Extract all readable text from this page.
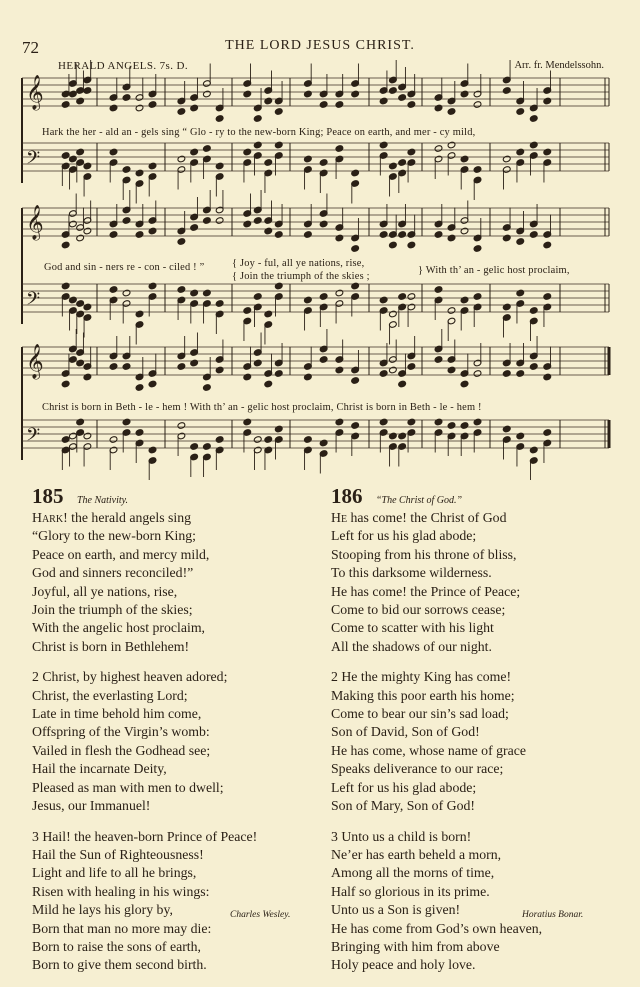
72	THE LORD JESUS CHRIST.
HERALD ANGELS. 7s. D.	Arr. fr. Mendelssohn.
𝄞
𝄢
𝄞
𝄢
𝄞
𝄢
Hark the her - ald an - gels sing “ Glo - ry to the new-born King; Peace on earth, and mer - cy mild,
God and sin - ners re - con - ciled ! ”	{ Joy - ful, all ye nations, rise,
{ Join the triumph of the skies ;
} With th’ an - gelic host proclaim,
Christ is born in Beth - le - hem ! With th’ an - gelic host proclaim, Christ is born in Beth - le - hem !
185 The Nativity.
Hark! the herald angels sing
“Glory to the new-born King;
Peace on earth, and mercy mild,
God and sinners reconciled!”
Joyful, all ye nations, rise,
Join the triumph of the skies;
With the angelic host proclaim,
Christ is born in Bethlehem!
2 Christ, by highest heaven adored;
Christ, the everlasting Lord;
Late in time behold him come,
Offspring of the Virgin’s womb:
Vailed in flesh the Godhead see;
Hail the incarnate Deity,
Pleased as man with men to dwell;
Jesus, our Immanuel!
3 Hail! the heaven-born Prince of Peace!
Hail the Sun of Righteousness!
Light and life to all he brings,
Risen with healing in his wings:
Mild he lays his glory by,
Born that man no more may die:
Born to raise the sons of earth,
Born to give them second birth.
186 “The Christ of God.”
He has come! the Christ of God
Left for us his glad abode;
Stooping from his throne of bliss,
To this darksome wilderness.
He has come! the Prince of Peace;
Come to bid our sorrows cease;
Come to scatter with his light
All the shadows of our night.
2 He the mighty King has come!
Making this poor earth his home;
Come to bear our sin’s sad load;
Son of David, Son of God!
He has come, whose name of grace
Speaks deliverance to our race;
Left for us his glad abode;
Son of Mary, Son of God!
3 Unto us a child is born!
Ne’er has earth beheld a morn,
Among all the morns of time,
Half so glorious in its prime.
Unto us a Son is given!
He has come from God’s own heaven,
Bringing with him from above
Holy peace and holy love.
Charles Wesley.	Horatius Bonar.
